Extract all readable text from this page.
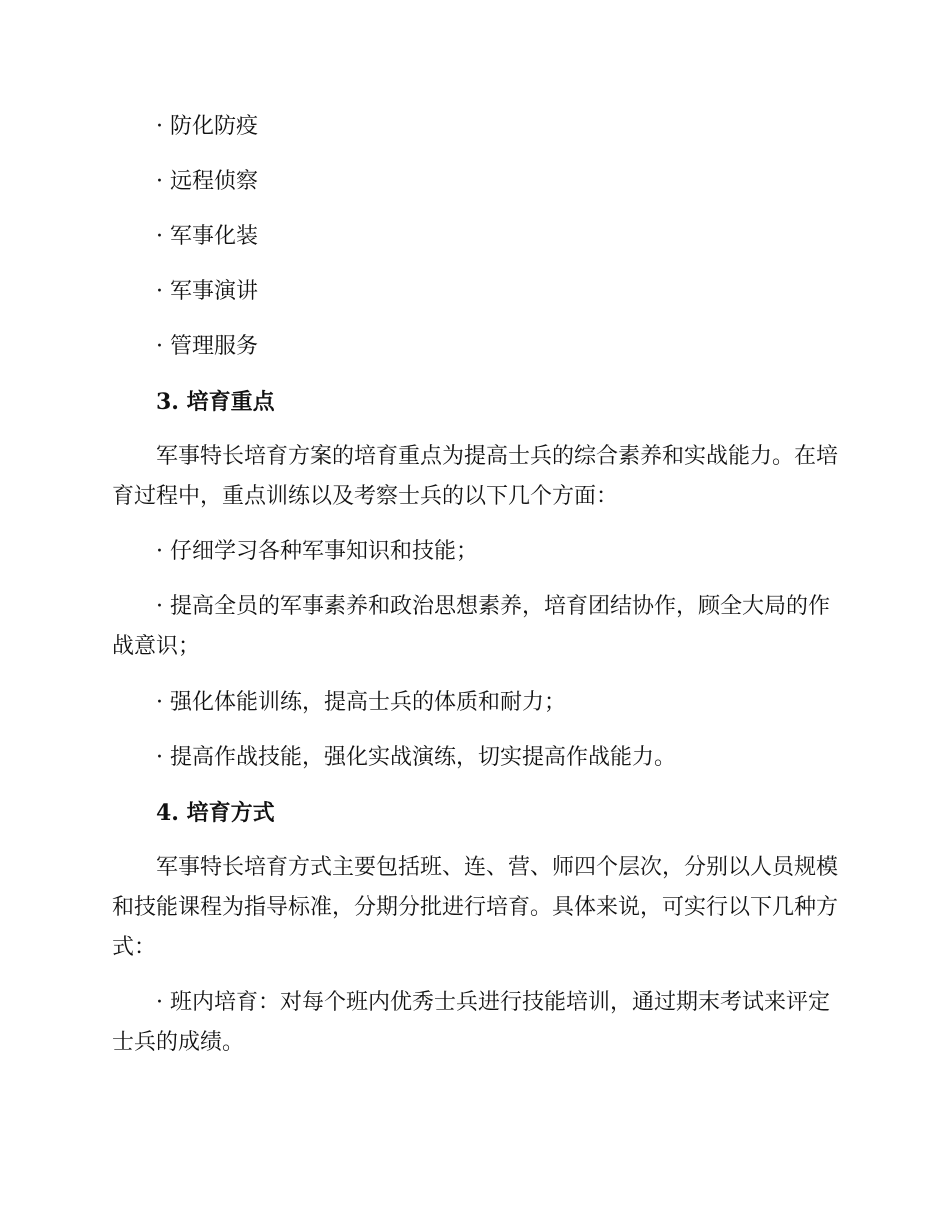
· 防化防疫
· 远程侦察
· 军事化装
· 军事演讲
· 管理服务
3. 培育重点
军事特长培育方案的培育重点为提高士兵的综合素养和实战能力。在培
育过程中，重点训练以及考察士兵的以下几个方面：
· 仔细学习各种军事知识和技能；
· 提高全员的军事素养和政治思想素养，培育团结协作，顾全大局的作
战意识；
· 强化体能训练，提高士兵的体质和耐力；
· 提高作战技能，强化实战演练，切实提高作战能力。
4. 培育方式
军事特长培育方式主要包括班、连、营、师四个层次，分别以人员规模
和技能课程为指导标准，分期分批进行培育。具体来说，可实行以下几种方
式：
· 班内培育：对每个班内优秀士兵进行技能培训，通过期末考试来评定
士兵的成绩。
